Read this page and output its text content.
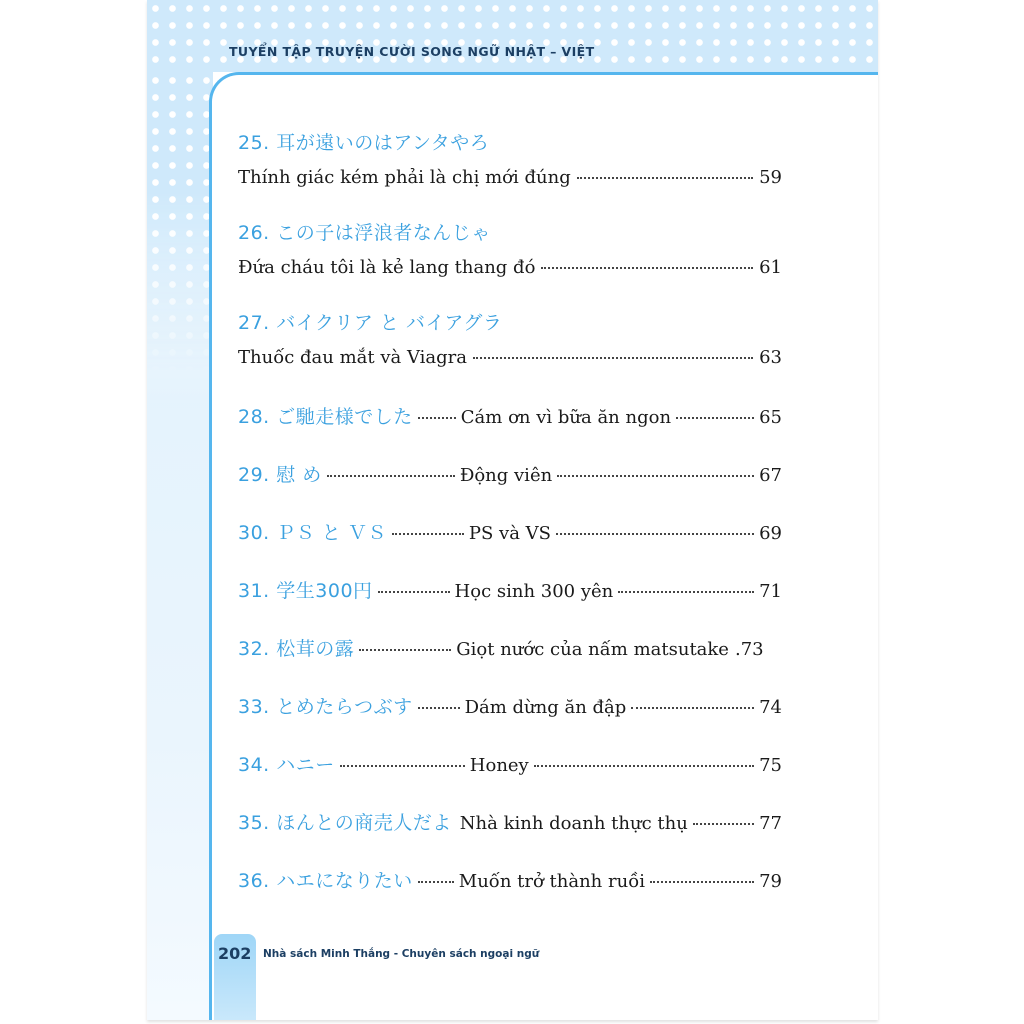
TUYỂN TẬP TRUYỆN CƯỜI SONG NGỮ NHẬT – VIỆT
25. 耳が遠いのはアンタやろ
Thính giác kém phải là chị mới đúng	59
26. この子は浮浪者なんじゃ
Đứa cháu tôi là kẻ lang thang đó	61
27. バイクリア と バイアグラ
Thuốc đau mắt và Viagra	63
28. ご馳走様でした	Cám ơn vì bữa ăn ngon	65
29. 慰 め	Động viên	67
30. ＰＳ と ＶＳ	PS và VS	69
31. 学生300円	Học sinh 300 yên	71
32. 松茸の露	Giọt nước của nấm matsutake .73
33. とめたらつぶす	Dám dừng ăn đập	74
34. ハニー	Honey	75
35. ほんとの商売人だよ Nhà kinh doanh thực thụ	77
36. ハエになりたい	Muốn trở thành ruồi	79
202 Nhà sách Minh Thắng - Chuyên sách ngoại ngữ
